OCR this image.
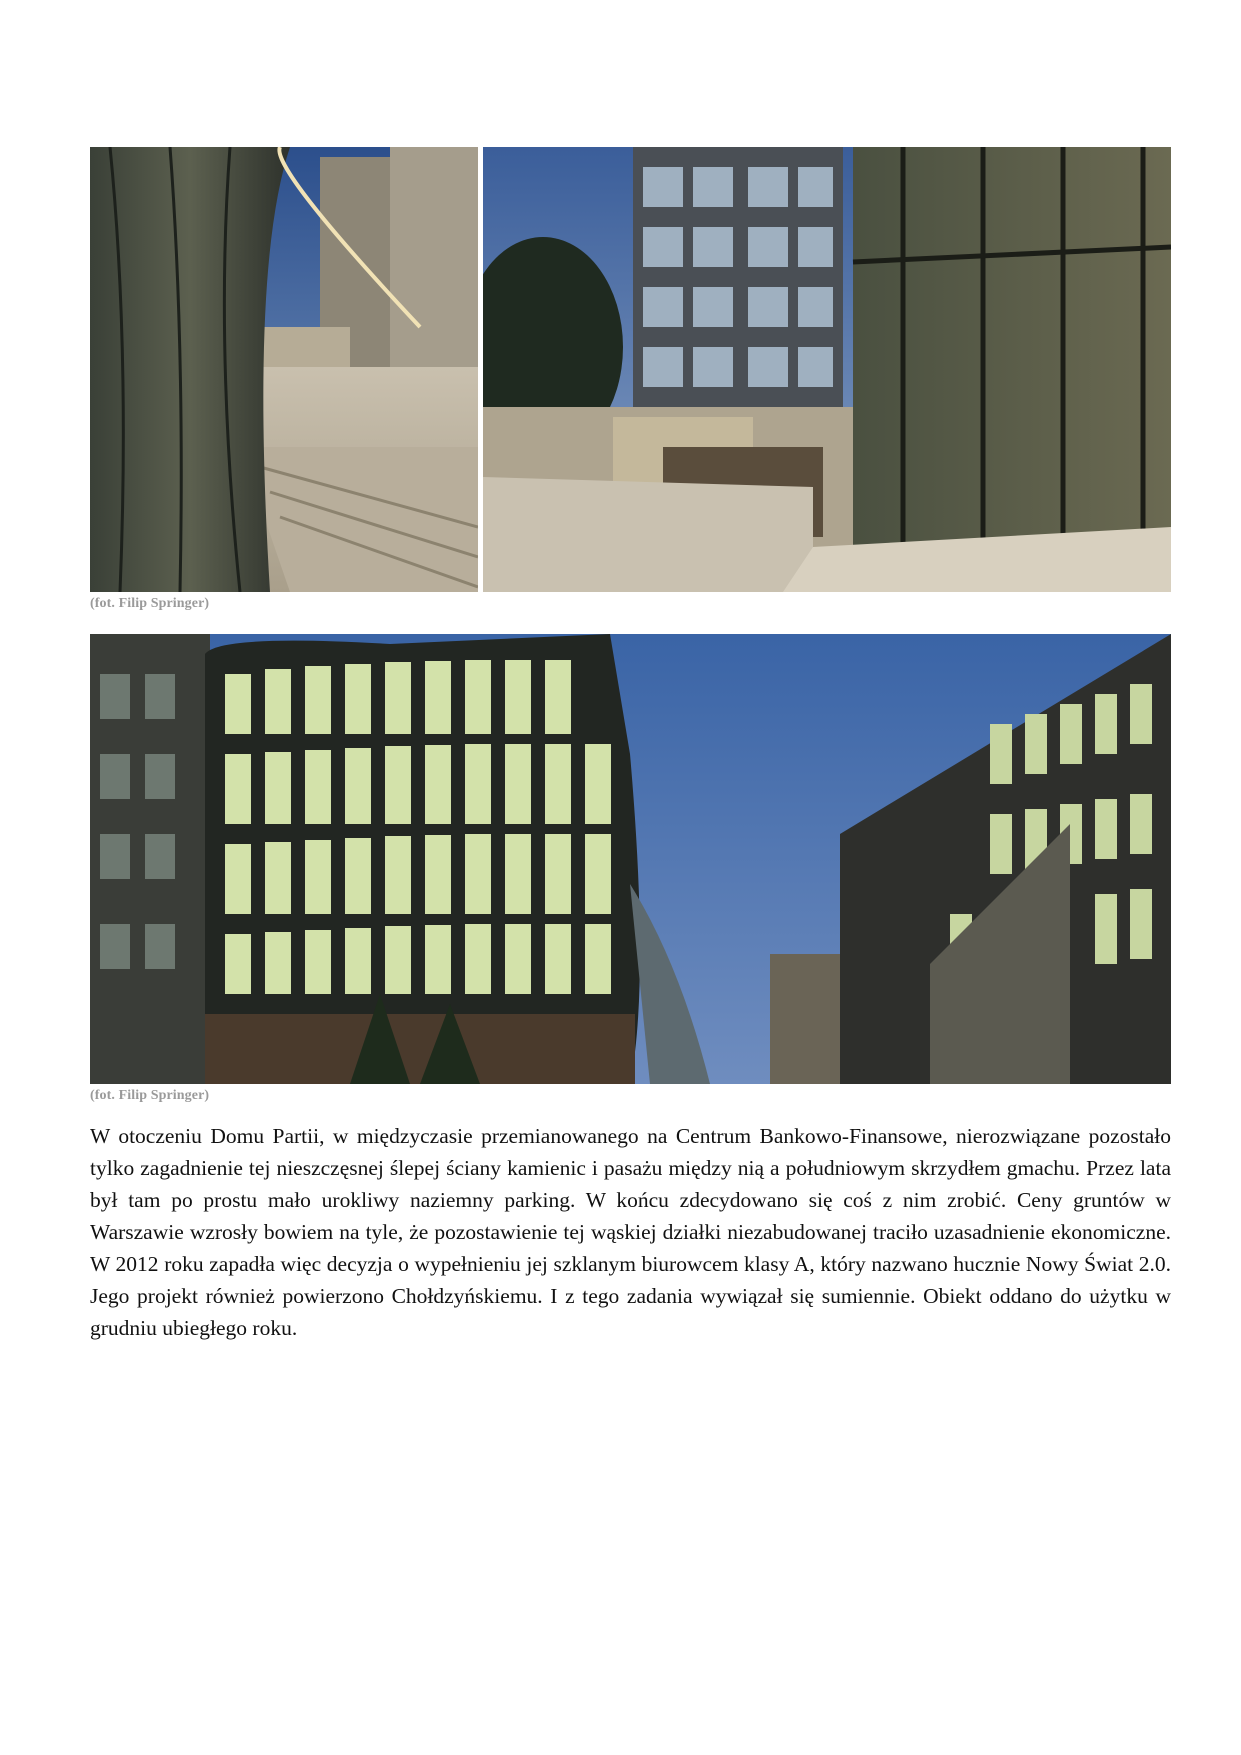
(fot. Filip Springer)
(fot. Filip Springer)

W otoczeniu Domu Partii, w międzyczasie przemianowanego na Centrum Bankowo-Finansowe, nierozwiązane pozostało tylko zagadnienie tej nieszczęsnej ślepej ściany kamienic i pasażu między nią a południowym skrzydłem gmachu. Przez lata był tam po prostu mało urokliwy naziemny parking. W końcu zdecydowano się coś z nim zrobić. Ceny gruntów w Warszawie wzrosły bowiem na tyle, że pozostawienie tej wąskiej działki niezabudowanej traciło uzasadnienie ekonomiczne. W 2012 roku zapadła więc decyzja o wypełnieniu jej szklanym biurowcem klasy A, który nazwano hucznie Nowy Świat 2.0. Jego projekt również powierzono Chołdzyńskiemu. I z tego zadania wywiązał się sumiennie. Obiekt oddano do użytku w grudniu ubiegłego roku.
